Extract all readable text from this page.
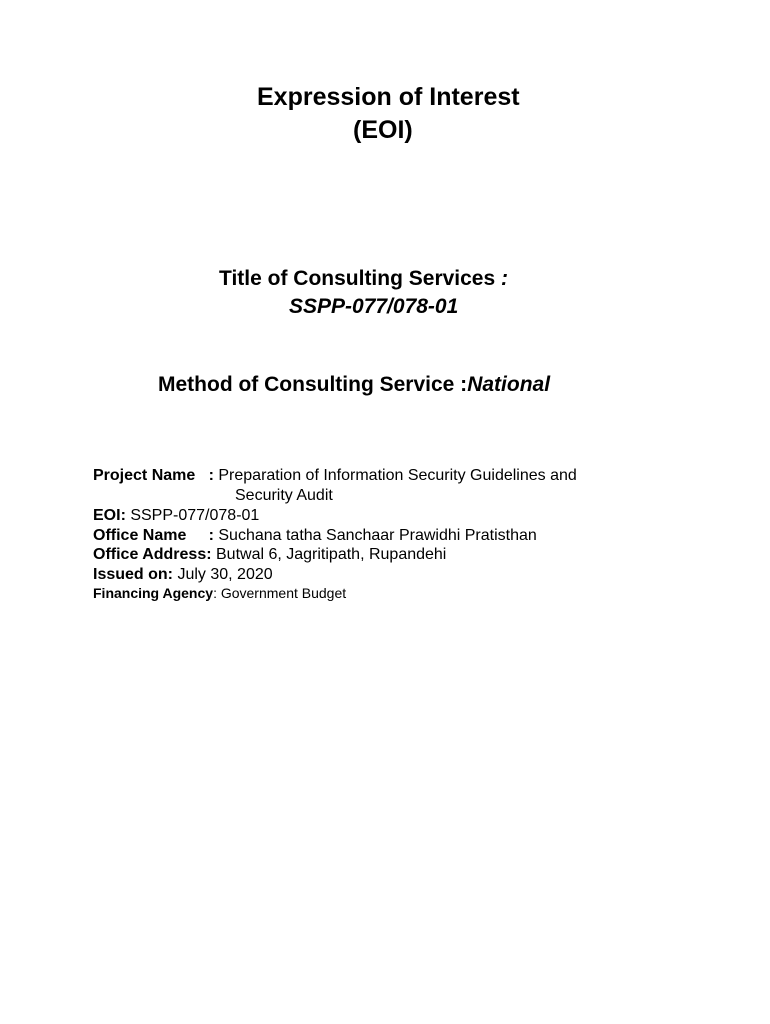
Expression of Interest
(EOI)
Title of Consulting Services :
SSPP-077/078-01
Method of Consulting Service :National
Project Name   : Preparation of Information Security Guidelines and
Security Audit
EOI: SSPP-077/078-01
Office Name     : Suchana tatha Sanchaar Prawidhi Pratisthan
Office Address: Butwal 6, Jagritipath, Rupandehi
Issued on: July 30, 2020
Financing Agency: Government Budget
